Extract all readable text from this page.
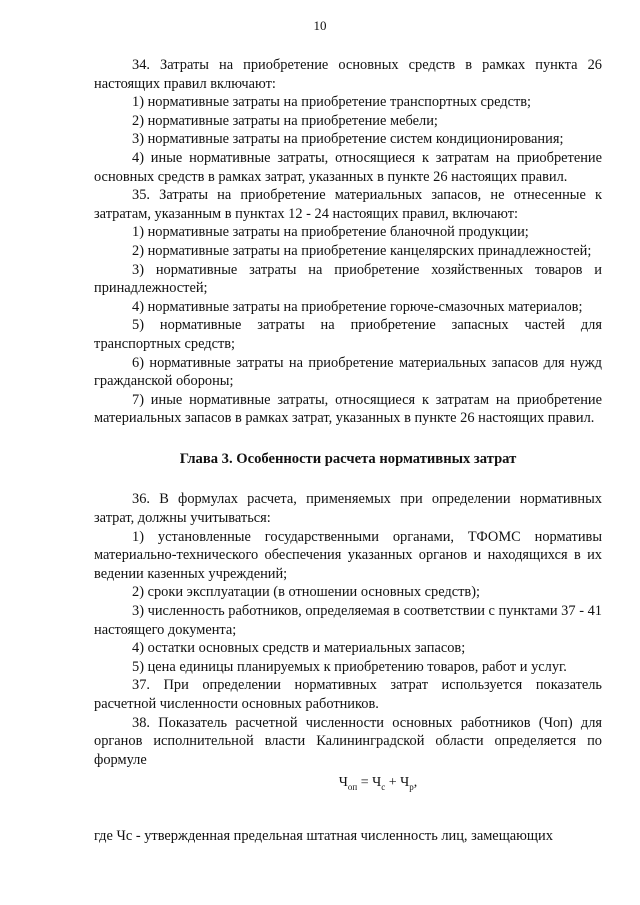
10

34. Затраты на приобретение основных средств в рамках пункта 26 настоящих правил включают:

1) нормативные затраты на приобретение транспортных средств;

2) нормативные затраты на приобретение мебели;

3) нормативные затраты на приобретение систем кондиционирования;

4) иные нормативные затраты, относящиеся к затратам на приобретение основных средств в рамках затрат, указанных в пункте 26 настоящих правил.

35. Затраты на приобретение материальных запасов, не отнесенные к затратам, указанным в пунктах 12 - 24 настоящих правил, включают:

1) нормативные затраты на приобретение бланочной продукции;

2) нормативные затраты на приобретение канцелярских принадлежностей;

3) нормативные затраты на приобретение хозяйственных товаров и принадлежностей;

4) нормативные затраты на приобретение горюче-смазочных материалов;

5) нормативные затраты на приобретение запасных частей для транспортных средств;

6) нормативные затраты на приобретение материальных запасов для нужд гражданской обороны;

7) иные нормативные затраты, относящиеся к затратам на приобретение материальных запасов в рамках затрат, указанных в пункте 26 настоящих правил.

Глава 3. Особенности расчета нормативных затрат

36. В формулах расчета, применяемых при определении нормативных затрат, должны учитываться:

1) установленные государственными органами, ТФОМС нормативы материально-технического обеспечения указанных органов и находящихся в их ведении казенных учреждений;

2) сроки эксплуатации (в отношении основных средств);

3) численность работников, определяемая в соответствии с пунктами 37 - 41 настоящего документа;

4) остатки основных средств и материальных запасов;

5) цена единицы планируемых к приобретению товаров, работ и услуг.

37. При определении нормативных затрат используется показатель расчетной численности основных работников.

38. Показатель расчетной численности основных работников (Чоп) для органов исполнительной власти Калининградской области определяется по формуле

$Ч_{оп} = Ч_с + Ч_р$,

где Чс - утвержденная предельная штатная численность лиц, замещающих
